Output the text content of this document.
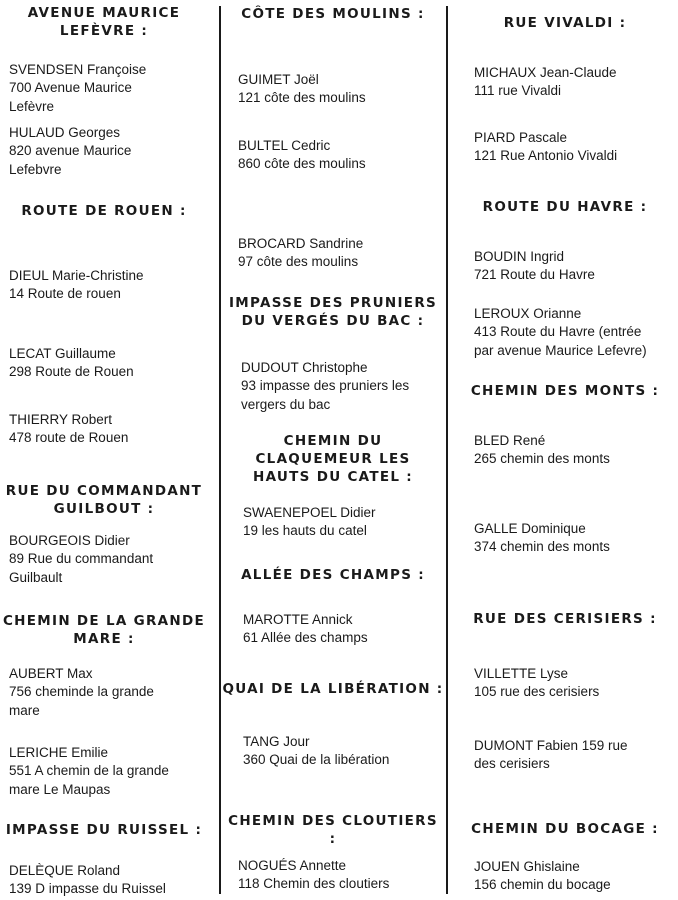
AVENUE MAURICE
LEFÈVRE :
SVENDSEN Françoise
700 Avenue Maurice
Lefèvre
HULAUD Georges
820 avenue Maurice
Lefebvre
ROUTE DE ROUEN :
DIEUL Marie-Christine
14 Route de rouen
LECAT Guillaume
298 Route de Rouen
THIERRY Robert
478 route de Rouen
RUE DU COMMANDANT
GUILBOUT :
BOURGEOIS Didier
89 Rue du commandant
Guilbault
CHEMIN DE LA GRANDE
MARE :
AUBERT Max
756 cheminde la grande
mare
LERICHE Emilie
551 A chemin de la grande
mare Le Maupas
IMPASSE DU RUISSEL :
DELÈQUE Roland
139 D impasse du Ruissel
CÔTE DES MOULINS :
GUIMET Joël
121 côte des moulins
BULTEL Cedric
860 côte des moulins
BROCARD Sandrine
97 côte des moulins
IMPASSE DES PRUNIERS
DU VERGÉS DU BAC :
DUDOUT Christophe
93 impasse des pruniers les
vergers du bac
CHEMIN DU
CLAQUEMEUR LES
HAUTS DU CATEL :
SWAENEPOEL Didier
19 les hauts du catel
ALLÉE DES CHAMPS :
MAROTTE Annick
61 Allée des champs
QUAI DE LA LIBÉRATION :
TANG Jour
360 Quai de la libération
CHEMIN DES CLOUTIERS :
NOGUÉS Annette
118 Chemin des cloutiers
RUE VIVALDI :
MICHAUX Jean-Claude
111 rue Vivaldi
PIARD Pascale
121 Rue Antonio Vivaldi
ROUTE DU HAVRE :
BOUDIN Ingrid
721 Route du Havre
LEROUX Orianne
413 Route du Havre (entrée
par avenue Maurice Lefevre)
CHEMIN DES MONTS :
BLED René
265 chemin des monts
GALLE Dominique
374 chemin des monts
RUE DES CERISIERS :
VILLETTE Lyse
105 rue des cerisiers
DUMONT Fabien 159 rue
des cerisiers
CHEMIN DU BOCAGE :
JOUEN Ghislaine
156 chemin du bocage
